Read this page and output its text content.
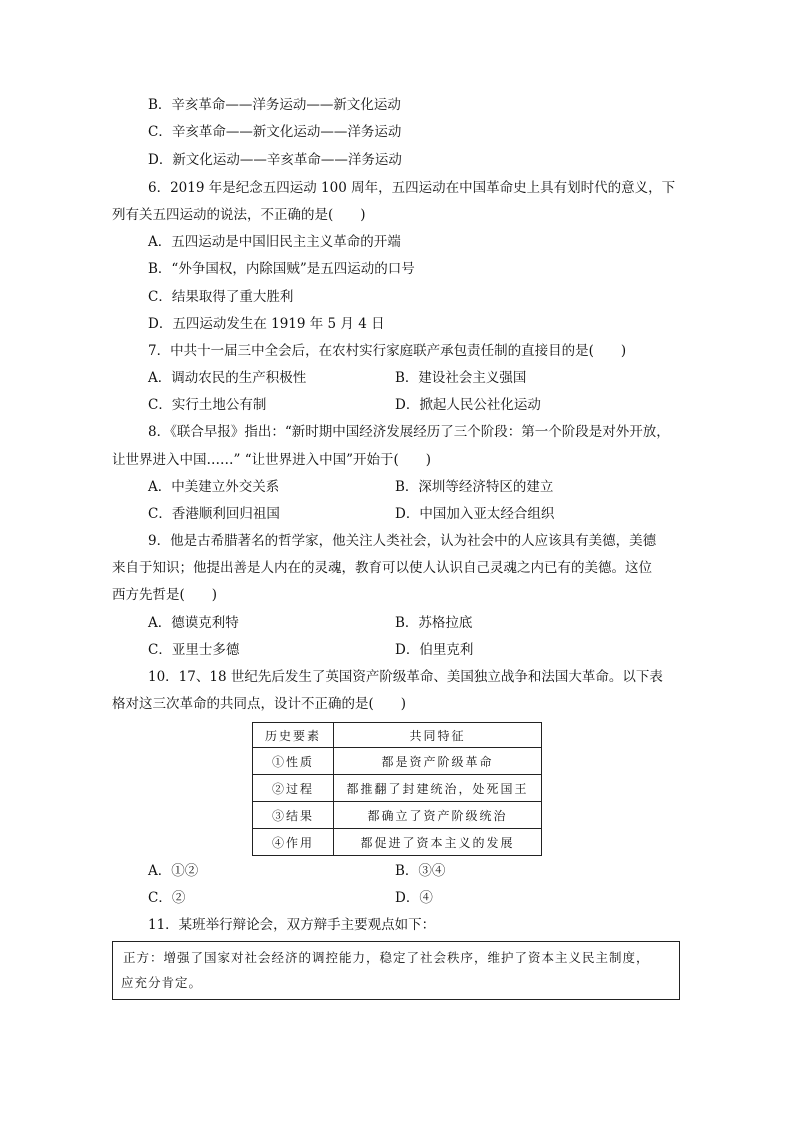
B．辛亥革命——洋务运动——新文化运动
C．辛亥革命——新文化运动——洋务运动
D．新文化运动——辛亥革命——洋务运动
6．2019 年是纪念五四运动 100 周年，五四运动在中国革命史上具有划时代的意义，下
列有关五四运动的说法，不正确的是(　　)
A．五四运动是中国旧民主主义革命的开端
B．“外争国权，内除国贼”是五四运动的口号
C．结果取得了重大胜利
D．五四运动发生在 1919 年 5 月 4 日
7．中共十一届三中全会后，在农村实行家庭联产承包责任制的直接目的是(　　)
A．调动农民的生产积极性	B．建设社会主义强国
C．实行土地公有制	D．掀起人民公社化运动
8．《联合早报》指出：“新时期中国经济发展经历了三个阶段：第一个阶段是对外开放，
让世界进入中国……” “让世界进入中国”开始于(　　)
A．中美建立外交关系	B．深圳等经济特区的建立
C．香港顺利回归祖国	D．中国加入亚太经合组织
9．他是古希腊著名的哲学家，他关注人类社会，认为社会中的人应该具有美德，美德
来自于知识；他提出善是人内在的灵魂，教育可以使人认识自己灵魂之内已有的美德。这位
西方先哲是(　　)
A．德谟克利特	B．苏格拉底
C．亚里士多德	D．伯里克利
10．17、18 世纪先后发生了英国资产阶级革命、美国独立战争和法国大革命。以下表
格对这三次革命的共同点，设计不正确的是(　　)
历史要素	共同特征
①性质	都是资产阶级革命
②过程	都推翻了封建统治，处死国王
③结果	都确立了资产阶级统治
④作用	都促进了资本主义的发展
A．①②	B．③④
C．②	D．④
11．某班举行辩论会，双方辩手主要观点如下：
正方：增强了国家对社会经济的调控能力，稳定了社会秩序，维护了资本主义民主制度，
应充分肯定。
